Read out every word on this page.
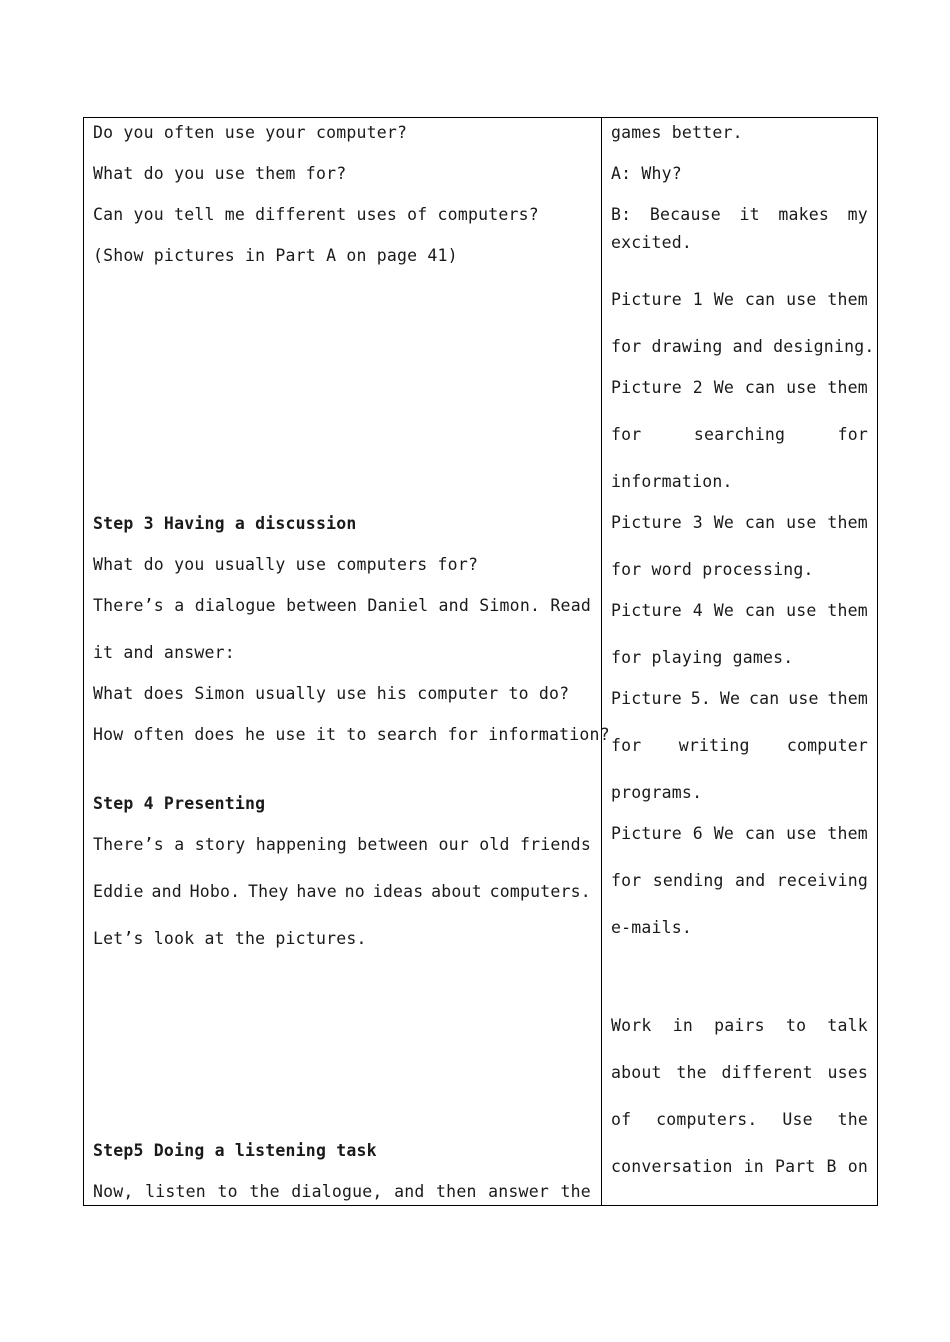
Do you often use your computer?
What do you use them for?
Can you tell me different uses of computers?
(Show pictures in Part A on page 41)
Step 3 Having a discussion
What do you usually use computers for?
There’s a dialogue between Daniel and Simon. Read
it and answer:
What does Simon usually use his computer to do?
How often does he use it to search for information?
Step 4 Presenting
There’s a story happening between our old friends
Eddie and Hobo. They have no ideas about computers.
Let’s look at the pictures.
Step5 Doing a listening task
Now, listen to the dialogue, and then answer the
games better.
A: Why?
B: Because it makes my
excited.
Picture 1 We can use them
for drawing and designing.
Picture 2 We can use them
for	searching	for
information.
Picture 3 We can use them
for word processing.
Picture 4 We can use them
for playing games.
Picture 5. We can use them
for writing computer
programs.
Picture 6 We can use them
for sending and receiving
e-mails.
Work in pairs to talk
about the different uses
of computers. Use the
conversation in Part B on
